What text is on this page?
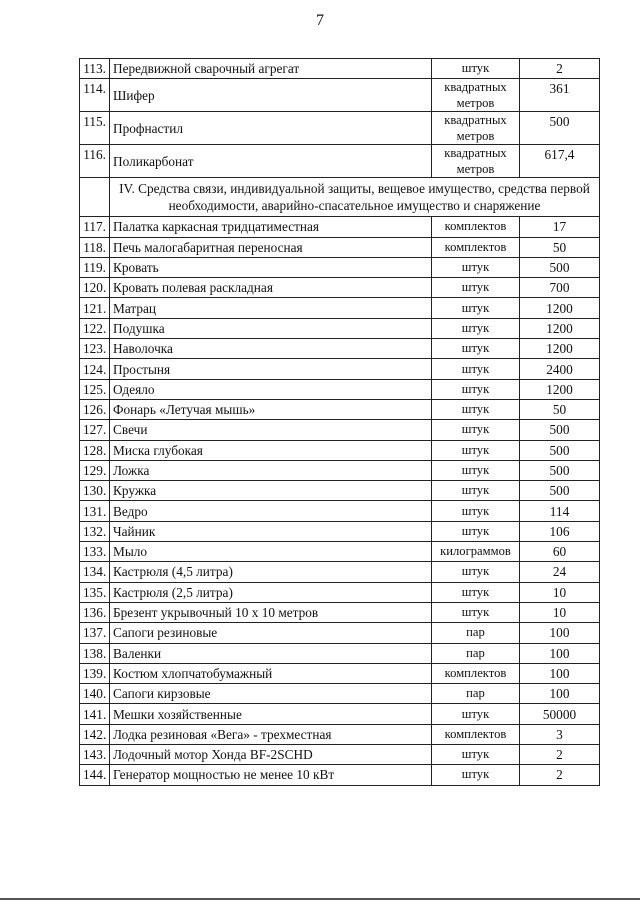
7
113.	Передвижной сварочный агрегат	штук	2
114.	Шифер	квадратных метров	361
115.	Профнастил	квадратных метров	500
116.	Поликарбонат	квадратных метров	617,4
	IV. Средства связи, индивидуальной защиты, вещевое имущество, средства первой необходимости, аварийно-спасательное имущество и снаряжение		
117.	Палатка каркасная тридцатиместная	комплектов	17
118.	Печь малогабаритная переносная	комплектов	50
119.	Кровать	штук	500
120.	Кровать полевая раскладная	штук	700
121.	Матрац	штук	1200
122.	Подушка	штук	1200
123.	Наволочка	штук	1200
124.	Простыня	штук	2400
125.	Одеяло	штук	1200
126.	Фонарь «Летучая мышь»	штук	50
127.	Свечи	штук	500
128.	Миска глубокая	штук	500
129.	Ложка	штук	500
130.	Кружка	штук	500
131.	Ведро	штук	114
132.	Чайник	штук	106
133.	Мыло	килограммов	60
134.	Кастрюля (4,5 литра)	штук	24
135.	Кастрюля (2,5 литра)	штук	10
136.	Брезент укрывочный 10 х 10 метров	штук	10
137.	Сапоги резиновые	пар	100
138.	Валенки	пар	100
139.	Костюм хлопчатобумажный	комплектов	100
140.	Сапоги кирзовые	пар	100
141.	Мешки хозяйственные	штук	50000
142.	Лодка резиновая «Вега» - трехместная	комплектов	3
143.	Лодочный мотор Хонда BF-2SCHD	штук	2
144.	Генератор мощностью не менее 10 кВт	штук	2
